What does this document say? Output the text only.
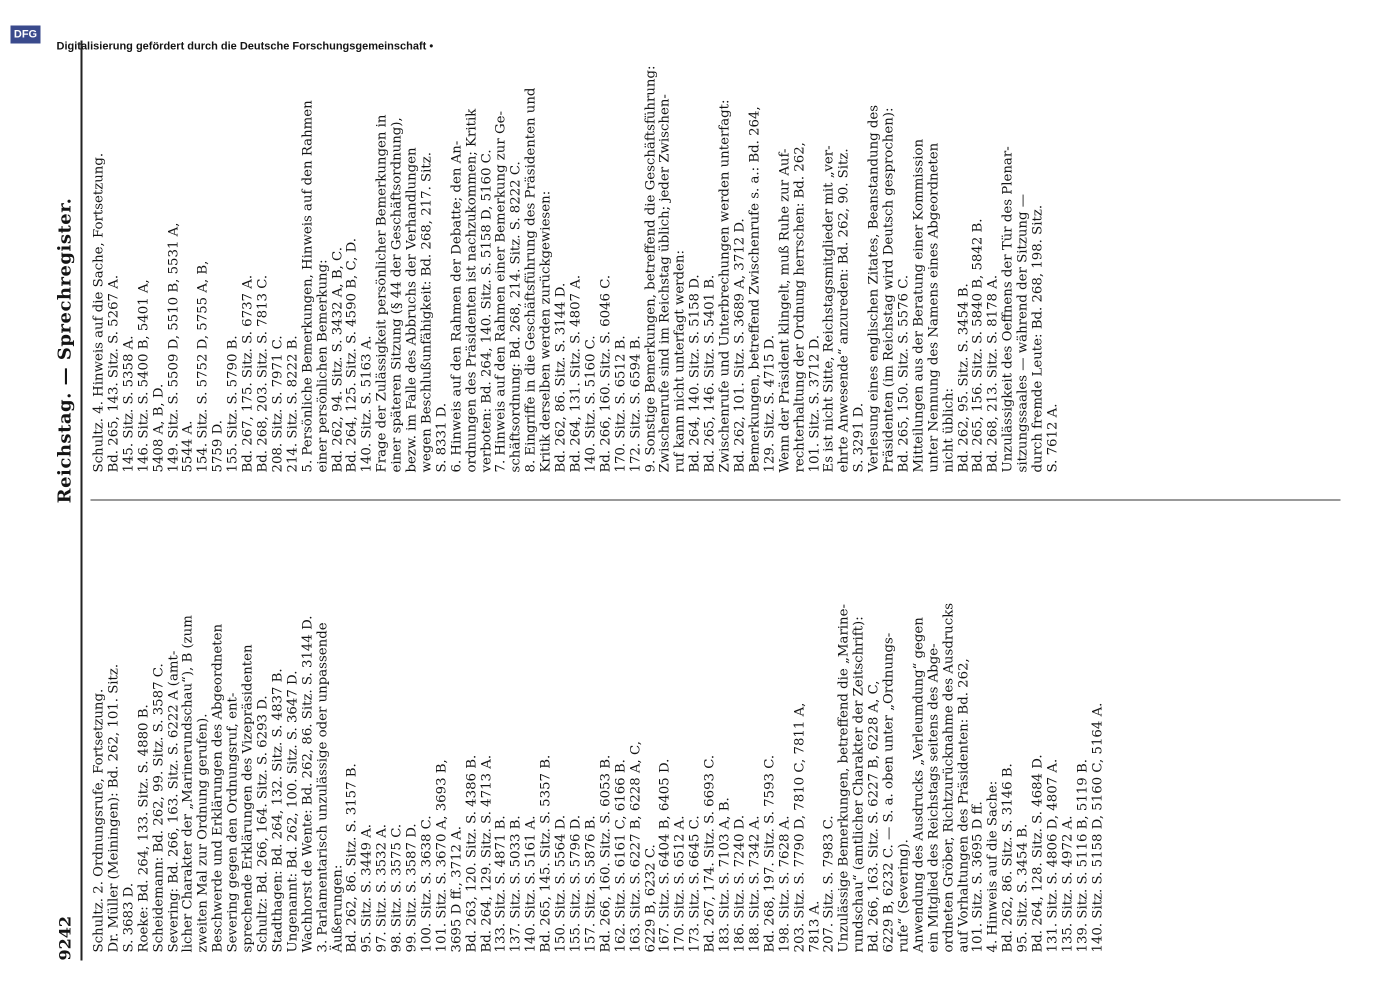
9242
Reichstag. — Sprechregister.
Schultz. 2. Ordnungsrufe, Fortsetzung. Dr. Müller (Meiningen): Bd. 262, 101. Sitz. S. 3683 D. Roeke: Bd. 264, 133. Sitz. S. 4880 B. Scheidemann: Bd. 262, 99. Sitz. S. 3587 C. Severing: Bd. 266, 163. Sitz. S. 6222 A (amt- licher Charakter der „Marinerundschau“), B (zum zweiten Mal zur Ordnung gerufen). Beschwerde und Erklärungen des Abgeordneten Severing gegen den Ordnungsruf, ent- sprechende Erklärungen des Vizepräsidenten Schultz: Bd. 266, 164. Sitz. S. 6293 D. Stadthagen: Bd. 264, 132. Sitz. S. 4837 B. Ungenannt: Bd. 262, 100. Sitz. S. 3647 D. Wachhorst de Wente: Bd. 262, 86. Sitz. S. 3144 D. 3. Parlamentarisch unzulässige oder unpassende Äußerungen: Bd. 262, 86. Sitz. S. 3157 B. 95. Sitz. S. 3449 A. 97. Sitz. S. 3532 A. 98. Sitz. S. 3575 C. 99. Sitz. S. 3587 D. 100. Sitz. S. 3638 C. 101. Sitz. S. 3670 A, 3693 B, 3695 D ff., 3712 A. Bd. 263, 120. Sitz. S. 4386 B. Bd. 264, 129. Sitz. S. 4713 A. 133. Sitz. S. 4871 B. 137. Sitz. S. 5033 B. 140. Sitz. S. 5161 A. Bd. 265, 145. Sitz. S. 5357 B. 150. Sitz. S. 5564 D. 155. Sitz. S. 5796 D. 157. Sitz. S. 5876 B. Bd. 266, 160. Sitz. S. 6053 B. 162. Sitz. S. 6161 C, 6166 B. 163. Sitz. S. 6227 B, 6228 A, C, 6229 B, 6232 C. 167. Sitz. S. 6404 B, 6405 D. 170. Sitz. S. 6512 A. 173. Sitz. S. 6645 C. Bd. 267, 174. Sitz. S. 6693 C. 183. Sitz. S. 7103 A, B. 186. Sitz. S. 7240 D. 188. Sitz. S. 7342 A. Bd. 268, 197. Sitz. S. 7593 C. 198. Sitz. S. 7628 A. 203. Sitz. S. 7790 D, 7810 C, 7811 A, 7813 A. 207. Sitz. S. 7983 C. Unzulässige Bemerkungen, betreffend die „Marine- rundschau“ (amtlicher Charakter der Zeitschrift): Bd. 266, 163. Sitz. S. 6227 B, 6228 A, C, 6229 B, 6232 C. — S. a. oben unter „Ordnungs- rufe“ (Severing). Anwendung des Ausdrucks „Verleumdung“ gegen ein Mitglied des Reichstags seitens des Abge- ordneten Gröber, Richtzurücknahme des Ausdrucks auf Vorhaltungen des Präsidenten: Bd. 262, 101. Sitz. S. 3695 D ff. 4. Hinweis auf die Sache: Bd. 262, 86. Sitz. S. 3146 B. 95. Sitz. S. 3454 B. Bd. 264, 128. Sitz. S. 4684 D. 131. Sitz. S. 4806 D, 4807 A. 135. Sitz. S. 4972 A. 139. Sitz. S. 5116 B, 5119 B. 140. Sitz. S. 5158 D, 5160 C, 5164 A.
Schultz. 4. Hinweis auf die Sache, Fortsetzung. Bd. 265, 143. Sitz. S. 5267 A. 145. Sitz. S. 5358 A. 146. Sitz. S. 5400 B, 5401 A, 5408 A, B, D. 149. Sitz. S. 5509 D, 5510 B, 5531 A, 5544 A. 154. Sitz. S. 5752 D, 5755 A, B, 5759 D. 155. Sitz. S. 5790 B. Bd. 267, 175. Sitz. S. 6737 A. Bd. 268, 203. Sitz. S. 7813 C. 208. Sitz. S. 7971 C. 214. Sitz. S. 8222 B. 5. Persönliche Bemerkungen, Hinweis auf den Rahmen einer persönlichen Bemerkung: Bd. 262, 94. Sitz. S. 3432 A, B, C. Bd. 264, 125. Sitz. S. 4590 B, C, D. 140. Sitz. S. 5163 A. Frage der Zulässigkeit persönlicher Bemerkungen in einer späteren Sitzung (§ 44 der Geschäftsordnung), bezw. im Falle des Abbruchs der Verhandlungen wegen Beschlußunfähigkeit: Bd. 268, 217. Sitz. S. 8331 D. 6. Hinweis auf den Rahmen der Debatte; den An- ordnungen des Präsidenten ist nachzukommen; Kritik verboten: Bd. 264, 140. Sitz. S. 5158 D, 5160 C. 7. Hinweis auf den Rahmen einer Bemerkung zur Ge- schäftsordnung: Bd. 268, 214. Sitz. S. 8222 C. 8. Eingriffe in die Geschäftsführung des Präsidenten und Kritik derselben werden zurückgewiesen: Bd. 262, 86. Sitz. S. 3144 D. Bd. 264, 131. Sitz. S. 4807 A. 140. Sitz. S. 5160 C. Bd. 266, 160. Sitz. S. 6046 C. 170. Sitz. S. 6512 B. 172. Sitz. S. 6594 B. 9. Sonstige Bemerkungen, betreffend die Geschäftsführung: Zwischenrufe sind im Reichstag üblich; jeder Zwischen- ruf kann nicht unterfagt werden: Bd. 264, 140. Sitz. S. 5158 D. Bd. 265, 146. Sitz. S. 5401 B. Zwischenrufe und Unterbrechungen werden unterfagt: Bd. 262, 101. Sitz. S. 3689 A, 3712 D. Bemerkungen, betreffend Zwischenrufe s. a.: Bd. 264, 129. Sitz. S. 4715 D. Wenn der Präsident klingelt, muß Ruhe zur Auf- rechterhaltung der Ordnung herrschen: Bd. 262, 101. Sitz. S. 3712 D. Es ist nicht Sitte, Reichstagsmitglieder mit „ver- ehrte Anwesende“ anzureden: Bd. 262, 90. Sitz. S. 3291 D. Verlesung eines englischen Zitates, Beanstandung des Präsidenten (im Reichstag wird Deutsch gesprochen): Bd. 265, 150. Sitz. S. 5576 C. Mitteilungen aus der Beratung einer Kommission unter Nennung des Namens eines Abgeordneten nicht üblich: Bd. 262, 95. Sitz. S. 3454 B. Bd. 265, 156. Sitz. S. 5840 B, 5842 B. Bd. 268, 213. Sitz. S. 8178 A. Unzulässigkeit des Oeffnens der Tür des Plenar- sitzungssaales — während der Sitzung — durch fremde Leute: Bd. 268, 198. Sitz. S. 7612 A.
Digitalisierung gefördert durch die Deutsche Forschungsgemeinschaft •
DFG
